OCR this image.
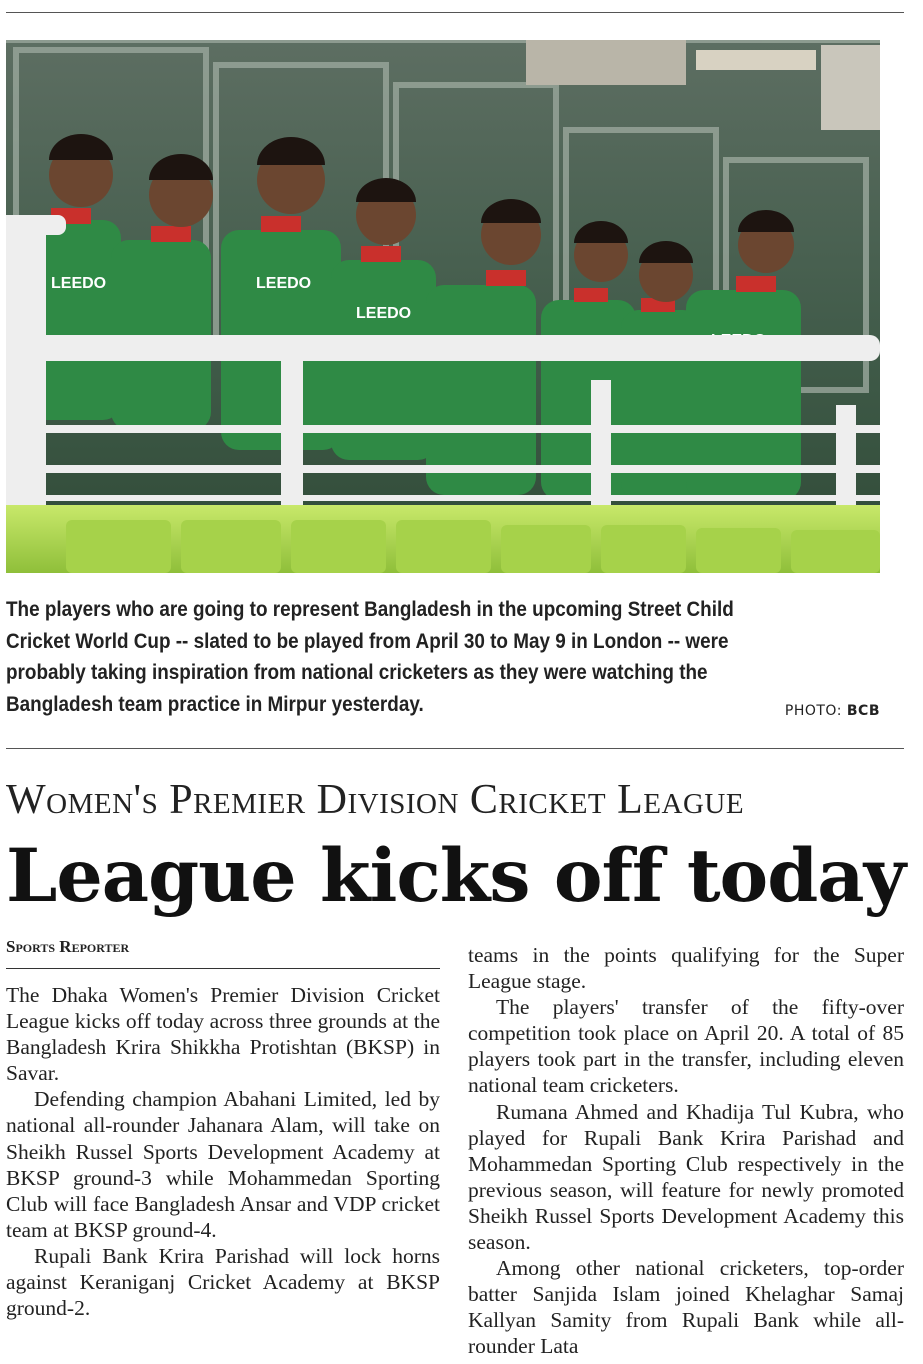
LEEDO	LEEDO
LEEDO
The players who are going to represent Bangladesh in the upcoming Street Child Cricket World Cup -- slated to be played from April 30 to May 9 in London -- were probably taking inspiration from national cricketers as they were watching the Bangladesh team practice in Mirpur yesterday.	PHOTO: BCB
Women's Premier Division Cricket League
League kicks off today
Sports Reporter

The Dhaka Women's Premier Division Cricket League kicks off today across three grounds at the Bangladesh Krira Shikkha Protishtan (BKSP) in Savar.

Defending champion Abahani Limited, led by national all-rounder Jahanara Alam, will take on Sheikh Russel Sports Development Academy at BKSP ground-3 while Mohammedan Sporting Club will face Bangladesh Ansar and VDP cricket team at BKSP ground-4.

Rupali Bank Krira Parishad will lock horns against Keraniganj Cricket Academy at BKSP ground-2.

teams in the points qualifying for the Super League stage.

The players' transfer of the fifty-over competition took place on April 20. A total of 85 players took part in the transfer, including eleven national team cricketers.

Rumana Ahmed and Khadija Tul Kubra, who played for Rupali Bank Krira Parishad and Mohammedan Sporting Club respectively in the previous season, will feature for newly promoted Sheikh Russel Sports Development Academy this season.

Among other national cricketers, top-order batter Sanjida Islam joined Khelaghar Samaj Kallyan Samity from Rupali Bank while all-rounder Lata
